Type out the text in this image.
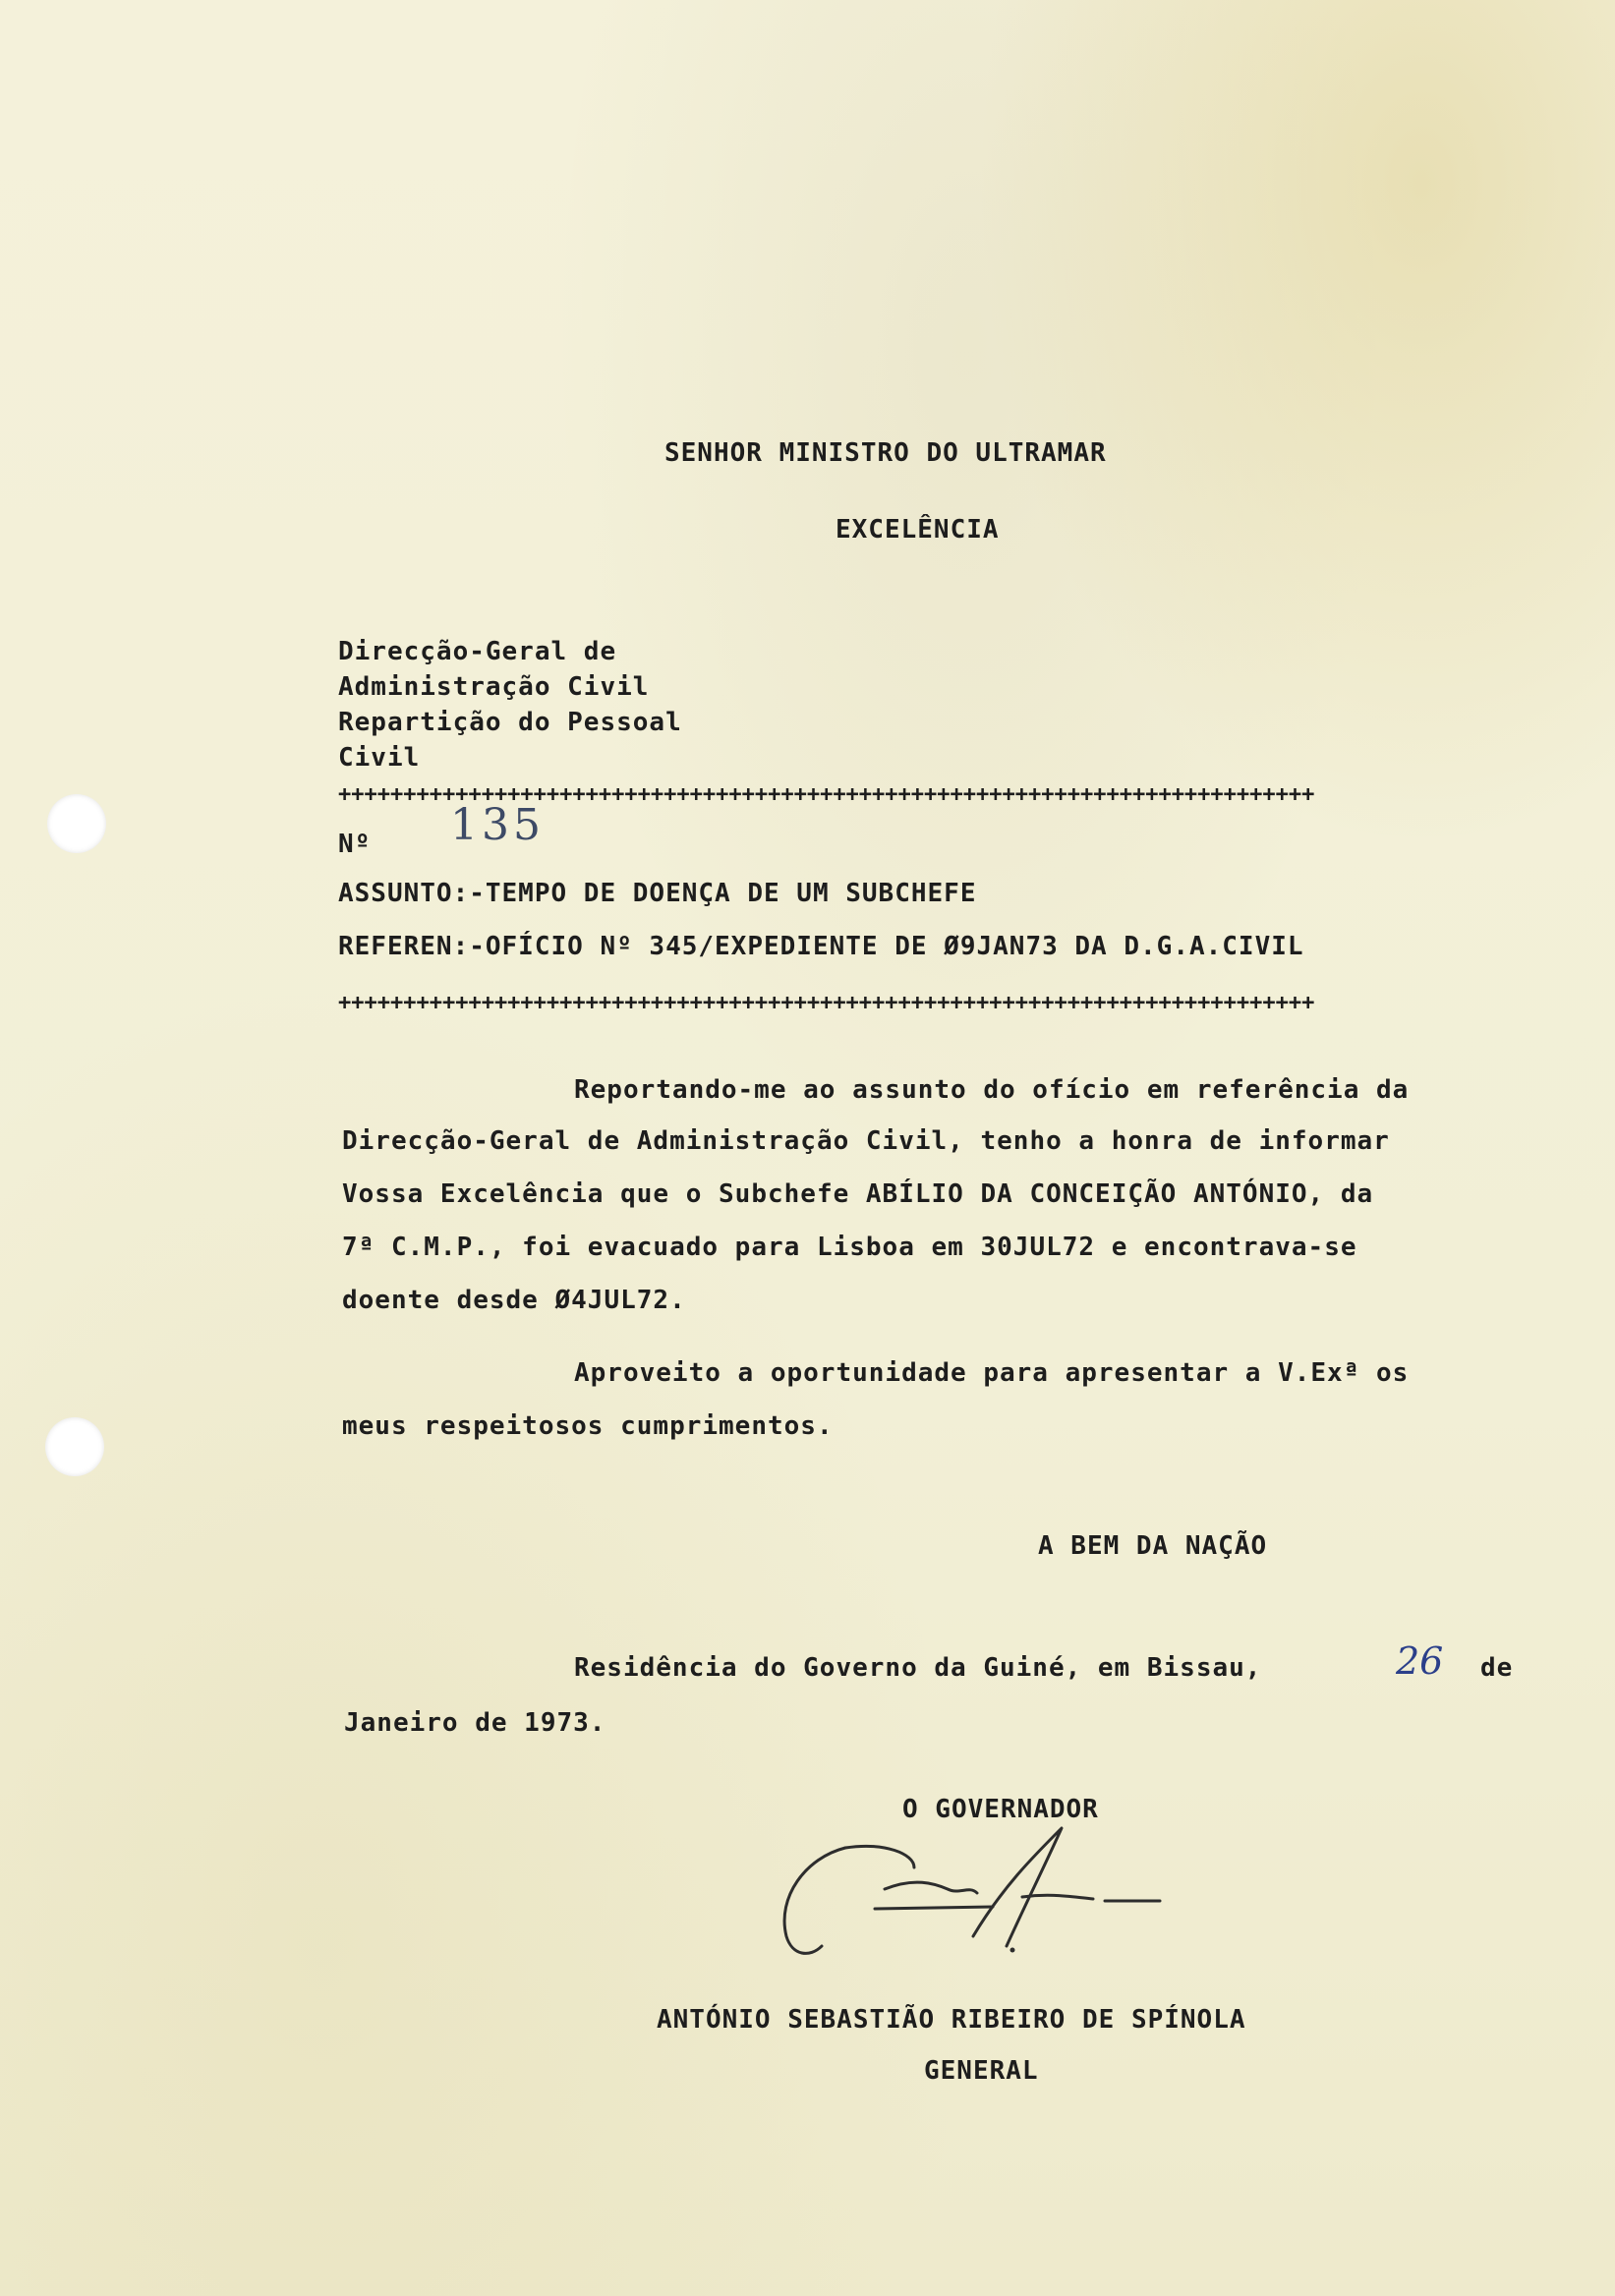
SENHOR MINISTRO DO ULTRAMAR
EXCELÊNCIA
Direcção-Geral de
Administração Civil
Repartição do Pessoal
Civil
+++++++++++++++++++++++++++++++++++++++++++++++++++++++++++++++++++++++++++
Nº 135
ASSUNTO:-TEMPO DE DOENÇA DE UM SUBCHEFE
REFEREN:-OFÍCIO Nº 345/EXPEDIENTE DE Ø9JAN73 DA D.G.A.CIVIL
+++++++++++++++++++++++++++++++++++++++++++++++++++++++++++++++++++++++++++
Reportando-me ao assunto do ofício em referência da
Direcção-Geral de Administração Civil, tenho a honra de informar
Vossa Excelência que o Subchefe ABÍLIO DA CONCEIÇÃO ANTÓNIO, da
7ª C.M.P., foi evacuado para Lisboa em 30JUL72 e encontrava-se
doente desde Ø4JUL72.
Aproveito a oportunidade para apresentar a V.Exª os
meus respeitosos cumprimentos.
A BEM DA NAÇÃO
Residência do Governo da Guiné, em Bissau,	26 de
Janeiro de 1973.
O GOVERNADOR
ANTÓNIO SEBASTIÃO RIBEIRO DE SPÍNOLA
GENERAL
